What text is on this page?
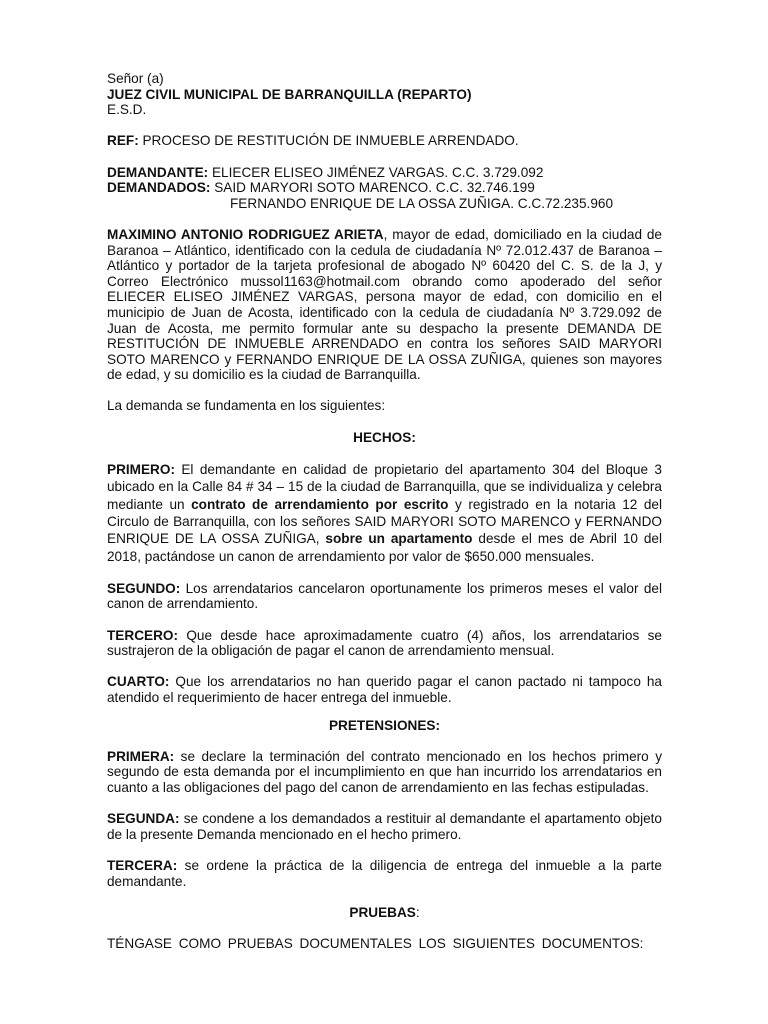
Señor (a)
JUEZ CIVIL MUNICIPAL DE BARRANQUILLA (REPARTO)
E.S.D.
REF: PROCESO DE RESTITUCIÓN DE INMUEBLE ARRENDADO.
DEMANDANTE: ELIECER ELISEO JIMÉNEZ VARGAS. C.C. 3.729.092
DEMANDADOS: SAID MARYORI SOTO MARENCO. C.C. 32.746.199
FERNANDO ENRIQUE DE LA OSSA ZUÑIGA. C.C.72.235.960

MAXIMINO ANTONIO RODRIGUEZ ARIETA, mayor de edad, domiciliado en la ciudad de Baranoa – Atlántico, identificado con la cedula de ciudadanía Nº 72.012.437 de Baranoa – Atlántico y portador de la tarjeta profesional de abogado Nº 60420 del C. S. de la J, y Correo Electrónico mussol1163@hotmail.com obrando como apoderado del señor ELIECER ELISEO JIMÉNEZ VARGAS, persona mayor de edad, con domicilio en el municipio de Juan de Acosta, identificado con la cedula de ciudadanía Nº 3.729.092 de Juan de Acosta, me permito formular ante su despacho la presente DEMANDA DE RESTITUCIÓN DE INMUEBLE ARRENDADO en contra los señores SAID MARYORI SOTO MARENCO y FERNANDO ENRIQUE DE LA OSSA ZUÑIGA, quienes son mayores de edad, y su domicilio es la ciudad de Barranquilla.

La demanda se fundamenta en los siguientes:
HECHOS:

PRIMERO: El demandante en calidad de propietario del apartamento 304 del Bloque 3 ubicado en la Calle 84 # 34 – 15 de la ciudad de Barranquilla, que se individualiza y celebra mediante un contrato de arrendamiento por escrito y registrado en la notaria 12 del Circulo de Barranquilla, con los señores SAID MARYORI SOTO MARENCO y FERNANDO ENRIQUE DE LA OSSA ZUÑIGA, sobre un apartamento desde el mes de Abril 10 del 2018, pactándose un canon de arrendamiento por valor de $650.000 mensuales.

SEGUNDO: Los arrendatarios cancelaron oportunamente los primeros meses el valor del canon de arrendamiento.

TERCERO: Que desde hace aproximadamente cuatro (4) años, los arrendatarios se sustrajeron de la obligación de pagar el canon de arrendamiento mensual.

CUARTO: Que los arrendatarios no han querido pagar el canon pactado ni tampoco ha atendido el requerimiento de hacer entrega del inmueble.

PRETENSIONES:

PRIMERA: se declare la terminación del contrato mencionado en los hechos primero y segundo de esta demanda por el incumplimiento en que han incurrido los arrendatarios en cuanto a las obligaciones del pago del canon de arrendamiento en las fechas estipuladas.

SEGUNDA: se condene a los demandados a restituir al demandante el apartamento objeto de la presente Demanda mencionado en el hecho primero.

TERCERA: se ordene la práctica de la diligencia de entrega del inmueble a la parte demandante.

PRUEBAS:

TÉNGASE COMO PRUEBAS DOCUMENTALES LOS SIGUIENTES DOCUMENTOS:
